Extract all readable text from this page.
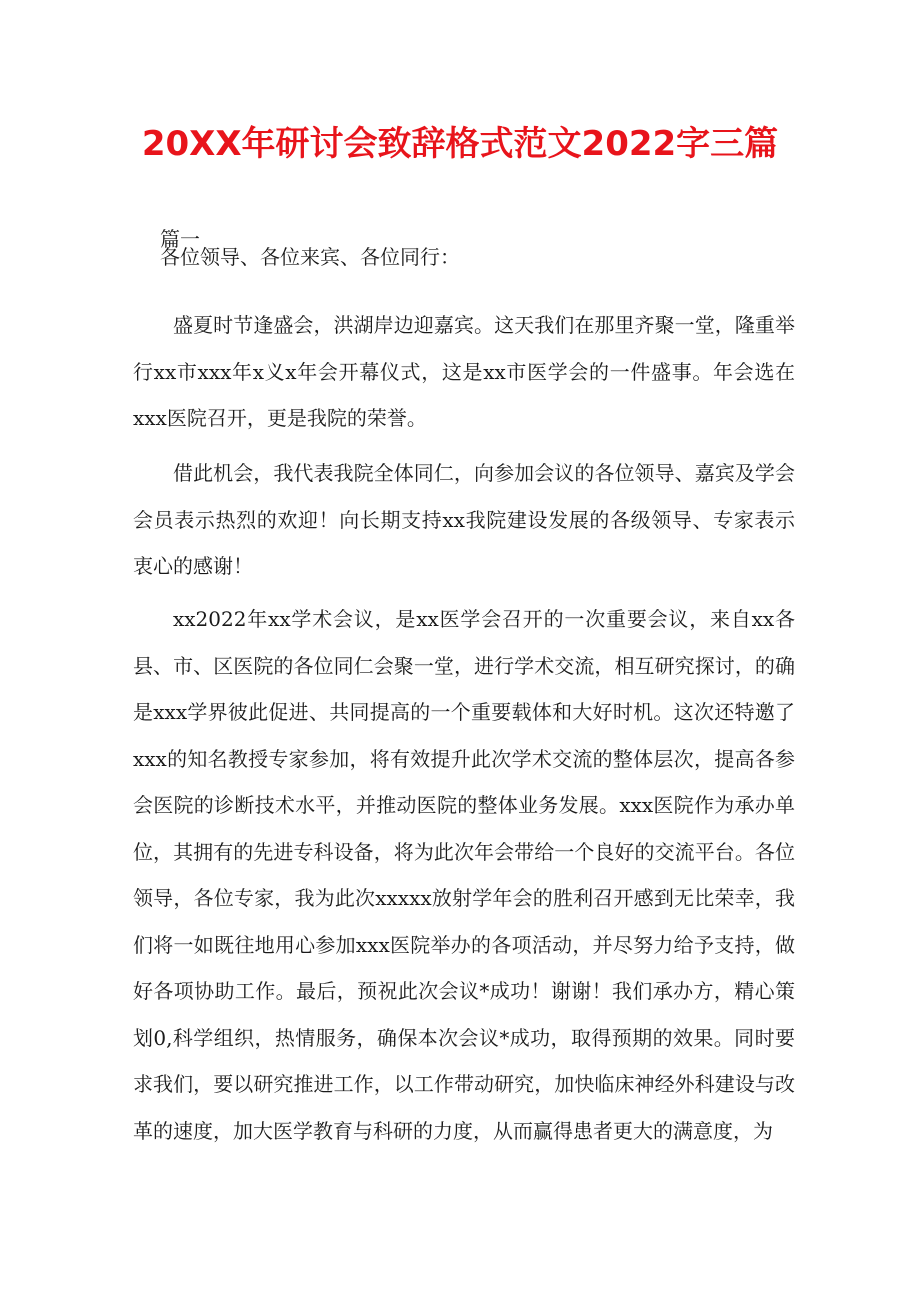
20XX年研讨会致辞格式范文2022字三篇
篇一
各位领导、各位来宾、各位同行：

盛夏时节逢盛会，洪湖岸边迎嘉宾。这天我们在那里齐聚一堂，隆重举行xx市xxx年x义x年会开幕仪式，这是xx市医学会的一件盛事。年会选在xxx医院召开，更是我院的荣誉。

借此机会，我代表我院全体同仁，向参加会议的各位领导、嘉宾及学会会员表示热烈的欢迎！向长期支持xx我院建设发展的各级领导、专家表示衷心的感谢！

xx2022年xx学术会议，是xx医学会召开的一次重要会议，来自xx各县、市、区医院的各位同仁会聚一堂，进行学术交流，相互研究探讨，的确是xxx学界彼此促进、共同提高的一个重要载体和大好时机。这次还特邀了xxx的知名教授专家参加，将有效提升此次学术交流的整体层次，提高各参会医院的诊断技术水平，并推动医院的整体业务发展。xxx医院作为承办单位，其拥有的先进专科设备，将为此次年会带给一个良好的交流平台。各位领导，各位专家，我为此次xxxxx放射学年会的胜利召开感到无比荣幸，我们将一如既往地用心参加xxx医院举办的各项活动，并尽努力给予支持，做好各项协助工作。最后，预祝此次会议*成功！谢谢！我们承办方，精心策划0,科学组织，热情服务，确保本次会议*成功，取得预期的效果。同时要求我们，要以研究推进工作，以工作带动研究，加快临床神经外科建设与改革的速度，加大医学教育与科研的力度，从而赢得患者更大的满意度，为
